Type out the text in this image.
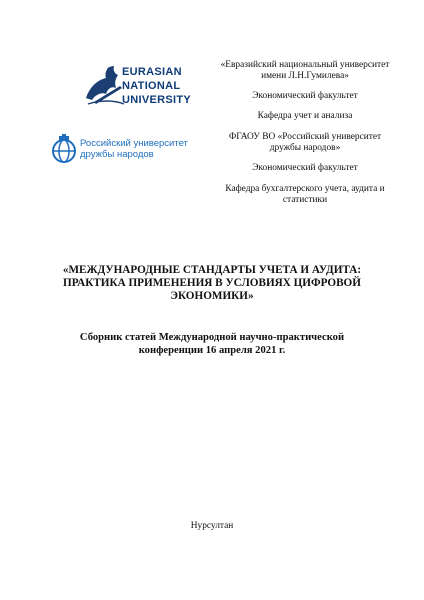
EURASIAN
NATIONAL
UNIVERSITY
Российский университет
дружбы народов
«Евразийский национальный университет имени Л.Н.Гумилева»
Экономический факультет
Кафедра учет и анализа
ФГАОУ ВО «Российский университет дружбы народов»
Экономический факультет
Кафедра бухгалтерского учета, аудита и статистики
«МЕЖДУНАРОДНЫЕ СТАНДАРТЫ УЧЕТА И АУДИТА: ПРАКТИКА ПРИМЕНЕНИЯ В УСЛОВИЯХ ЦИФРОВОЙ ЭКОНОМИКИ»
Сборник статей Международной научно-практической конференции 16 апреля 2021 г.
Нурсултан
